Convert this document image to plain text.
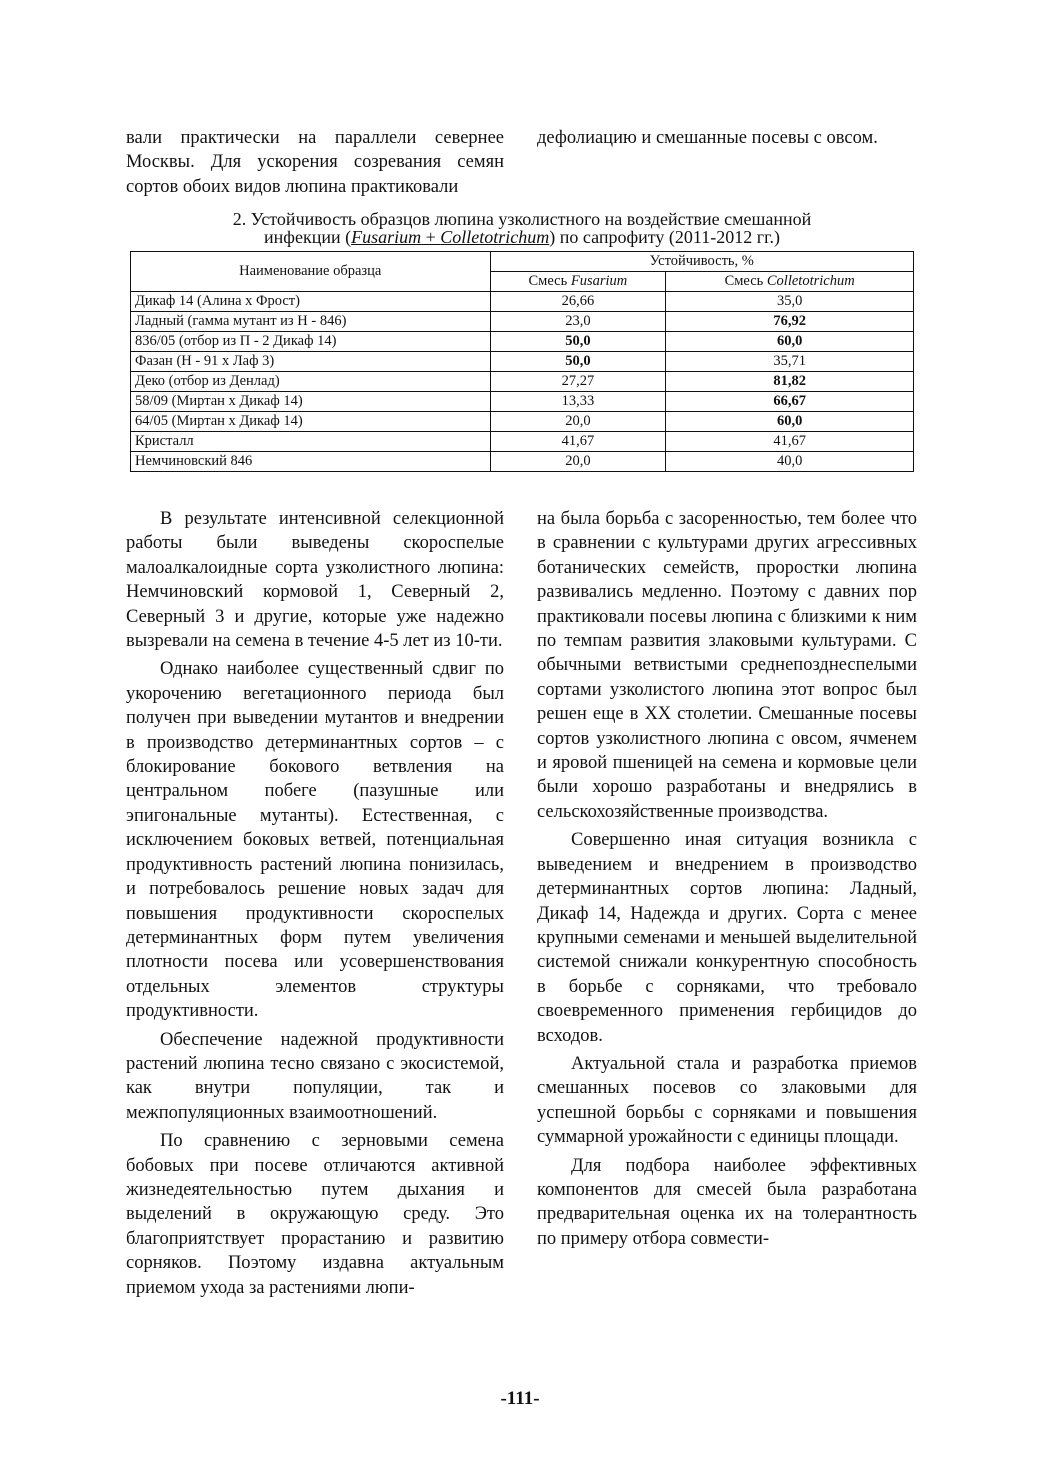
вали практически на параллели севернее Москвы. Для ускорения созревания семян сортов обоих видов люпина практиковали

дефолиацию и смешанные посевы с овсом.

2. Устойчивость образцов люпина узколистного на воздействие смешанной
инфекции (Fusarium + Colletotrichum) по сапрофиту (2011-2012 гг.)
Наименование образца	Устойчивость, %	
	Смесь Fusarium	Смесь Colletotrichum
Дикаф 14 (Алина х Фрост)	26,66	35,0
Ладный (гамма мутант из Н - 846)	23,0	76,92
836/05 (отбор из П - 2 Дикаф 14)	50,0	60,0
Фазан (Н - 91 х Лаф 3)	50,0	35,71
Деко (отбор из Денлад)	27,27	81,82
58/09 (Миртан х Дикаф 14)	13,33	66,67
64/05 (Миртан х Дикаф 14)	20,0	60,0
Кристалл	41,67	41,67
Немчиновский 846	20,0	40,0

В результате интенсивной селекционной работы были выведены скороспелые малоалкалоидные сорта узколистного люпина: Немчиновский кормовой 1, Северный 2, Северный 3 и другие, которые уже надежно вызревали на семена в течение 4-5 лет из 10-ти.

Однако наиболее существенный сдвиг по укорочению вегетационного периода был получен при выведении мутантов и внедрении в производство детерминантных сортов – с блокирование бокового ветвления на центральном побеге (пазушные или эпигональные мутанты). Естественная, с исключением боковых ветвей, потенциальная продуктивность растений люпина понизилась, и потребовалось решение новых задач для повышения продуктивности скороспелых детерминантных форм путем увеличения плотности посева или усовершенствования отдельных элементов структуры продуктивности.

Обеспечение надежной продуктивности растений люпина тесно связано с экосистемой, как внутри популяции, так и межпопуляционных взаимоотношений.

По сравнению с зерновыми семена бобовых при посеве отличаются активной жизнедеятельностью путем дыхания и выделений в окружающую среду. Это благоприятствует прорастанию и развитию сорняков. Поэтому издавна актуальным приемом ухода за растениями люпи-

на была борьба с засоренностью, тем более что в сравнении с культурами других агрессивных ботанических семейств, проростки люпина развивались медленно. Поэтому с давних пор практиковали посевы люпина с близкими к ним по темпам развития злаковыми культурами. С обычными ветвистыми среднепозднеспелыми сортами узколистого люпина этот вопрос был решен еще в XX столетии. Смешанные посевы сортов узколистного люпина с овсом, ячменем и яровой пшеницей на семена и кормовые цели были хорошо разработаны и внедрялись в сельскохозяйственные производства.

Совершенно иная ситуация возникла с выведением и внедрением в производство детерминантных сортов люпина: Ладный, Дикаф 14, Надежда и других. Сорта с менее крупными семенами и меньшей выделительной системой снижали конкурентную способность в борьбе с сорняками, что требовало своевременного применения гербицидов до всходов.

Актуальной стала и разработка приемов смешанных посевов со злаковыми для успешной борьбы с сорняками и повышения суммарной урожайности с единицы площади.

Для подбора наиболее эффективных компонентов для смесей была разработана предварительная оценка их на толерантность по примеру отбора совмести-

-111-
